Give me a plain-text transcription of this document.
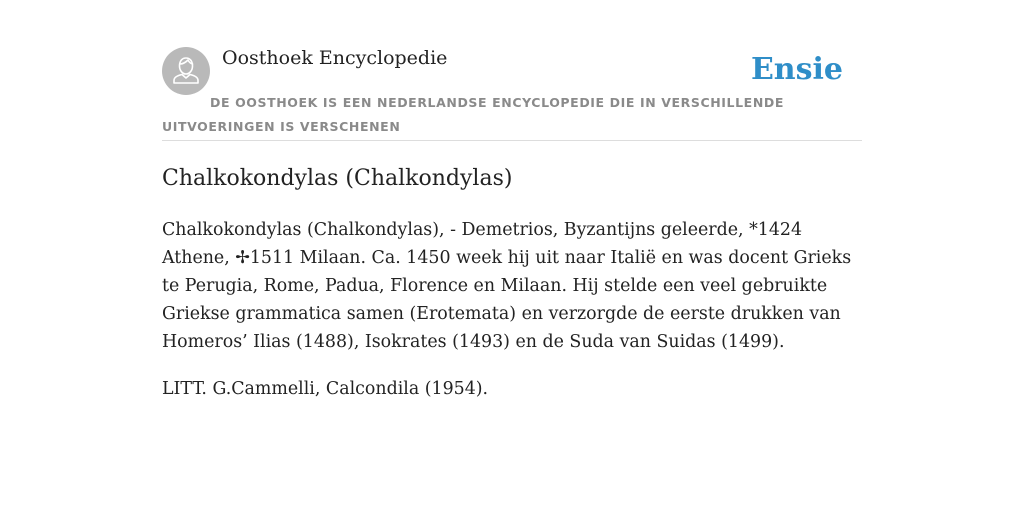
Oosthoek Encyclopedie	Ensie
DE OOSTHOEK IS EEN NEDERLANDSE ENCYCLOPEDIE DIE IN VERSCHILLENDE UITVOERINGEN IS VERSCHENEN
Chalkokondylas (Chalkondylas)

Chalkokondylas (Chalkondylas), - Demetrios, Byzantijns geleerde, *1424 Athene, ✢1511 Milaan. Ca. 1450 week hij uit naar Italië en was docent Grieks te Perugia, Rome, Padua, Florence en Milaan. Hij stelde een veel gebruikte Griekse grammatica samen (Erotemata) en verzorgde de eerste drukken van Homeros’ Ilias (1488), Isokrates (1493) en de Suda van Suidas (1499).

LITT. G.Cammelli, Calcondila (1954).
